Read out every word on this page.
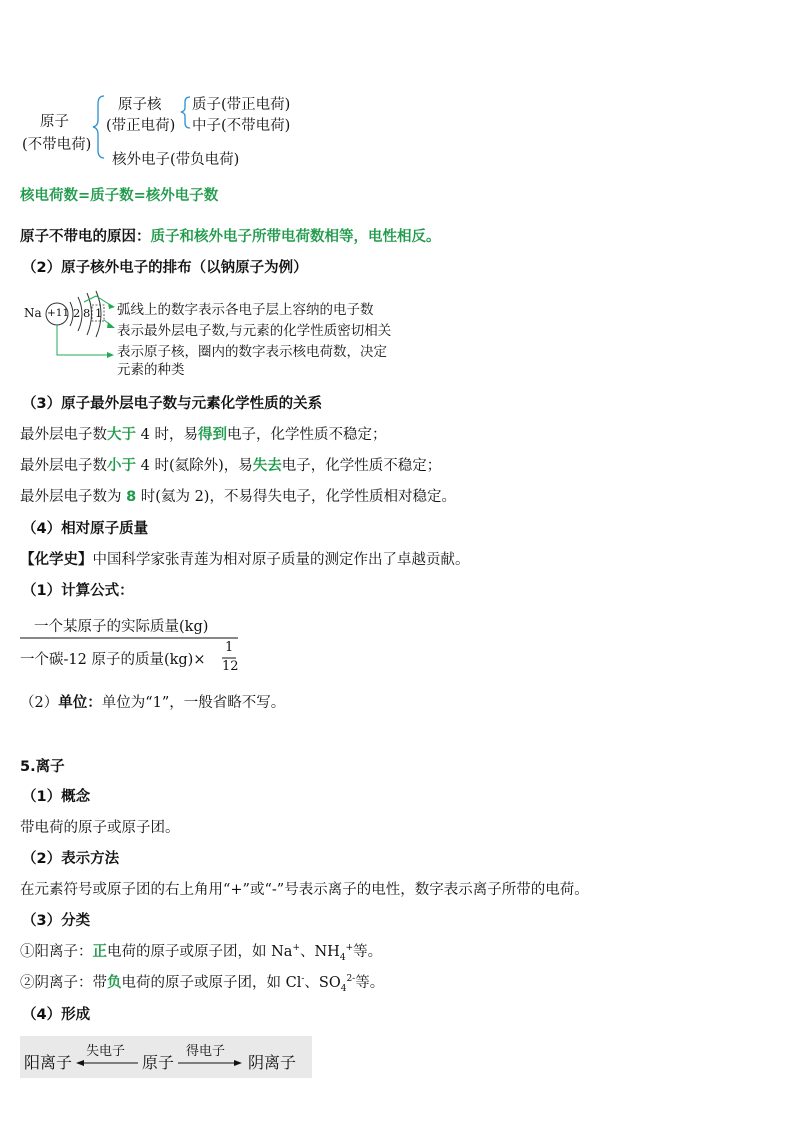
原子
(不带电荷)
原子核
(带正电荷)
质子(带正电荷)
中子(不带电荷)
核外电子(带负电荷)
核电荷数=质子数=核外电子数
原子不带电的原因：质子和核外电子所带电荷数相等，电性相反。
（2）原子核外电子的排布（以钠原子为例）
Na +11 2 8 1 弧线上的数字表示各电子层上容纳的电子数
表示最外层电子数,与元素的化学性质密切相关
表示原子核，圈内的数字表示核电荷数，决定
元素的种类
（3）原子最外层电子数与元素化学性质的关系
最外层电子数大于 4 时，易得到电子，化学性质不稳定；
最外层电子数小于 4 时(氦除外)，易失去电子，化学性质不稳定；
最外层电子数为 8 时(氦为 2)，不易得失电子，化学性质相对稳定。
（4）相对原子质量
【化学史】中国科学家张青莲为相对原子质量的测定作出了卓越贡献。
（1）计算公式：
一个某原子的实际质量(kg)
一个碳-12 原子的质量(kg)×
1
12
（2）单位：单位为“1”，一般省略不写。
5.离子
（1）概念
带电荷的原子或原子团。
（2）表示方法
在元素符号或原子团的右上角用“+”或“-”号表示离子的电性，数字表示离子所带的电荷。
（3）分类
①阳离子：正电荷的原子或原子团，如 Na+、$NH_4^+$等。
②阴离子：带负电荷的原子或原子团，如 Cl-、$SO_4^{2-}$等。
（4）形成
阳离子
失电子
原子
得电子
阴离子
